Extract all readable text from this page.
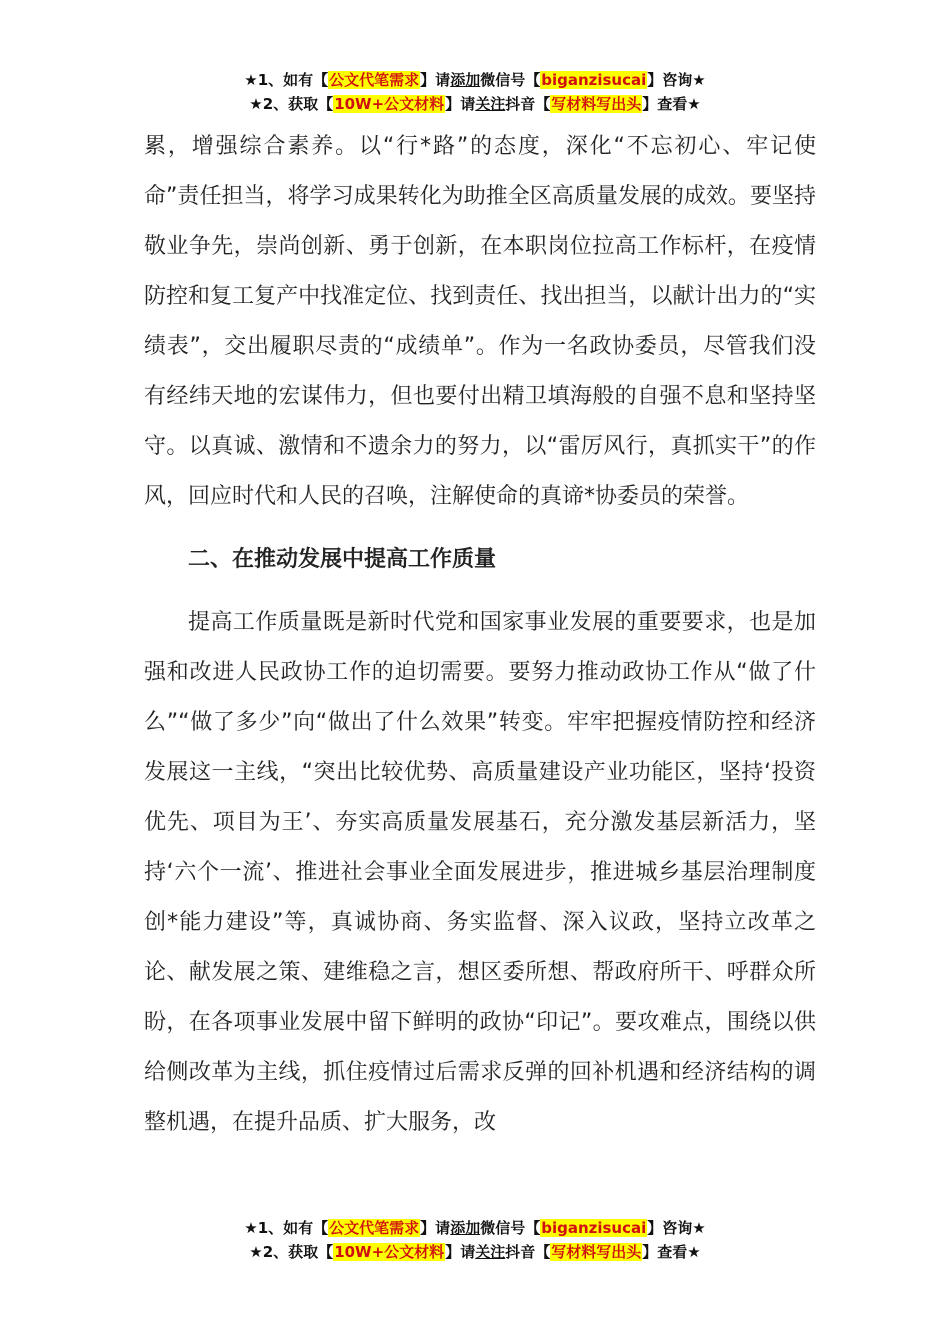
★1、如有【公文代笔需求】请添加微信号【biganzisucai】咨询★
★2、获取【10W+公文材料】请关注抖音【写材料写出头】查看★

累，增强综合素养。以“行*路”的态度，深化“不忘初心、牢记使命”责任担当，将学习成果转化为助推全区高质量发展的成效。要坚持敬业争先，崇尚创新、勇于创新，在本职岗位拉高工作标杆，在疫情防控和复工复产中找准定位、找到责任、找出担当，以献计出力的“实绩表”，交出履职尽责的“成绩单”。作为一名政协委员，尽管我们没有经纬天地的宏谋伟力，但也要付出精卫填海般的自强不息和坚持坚守。以真诚、激情和不遗余力的努力，以“雷厉风行，真抓实干”的作风，回应时代和人民的召唤，注解使命的真谛*协委员的荣誉。

二、在推动发展中提高工作质量

提高工作质量既是新时代党和国家事业发展的重要要求，也是加强和改进人民政协工作的迫切需要。要努力推动政协工作从“做了什么”“做了多少”向“做出了什么效果”转变。牢牢把握疫情防控和经济发展这一主线，“突出比较优势、高质量建设产业功能区，坚持‘投资优先、项目为王’、夯实高质量发展基石，充分激发基层新活力，坚持‘六个一流’、推进社会事业全面发展进步，推进城乡基层治理制度创*能力建设”等，真诚协商、务实监督、深入议政，坚持立改革之论、献发展之策、建维稳之言，想区委所想、帮政府所干、呼群众所盼，在各项事业发展中留下鲜明的政协“印记”。要攻难点，围绕以供给侧改革为主线，抓住疫情过后需求反弹的回补机遇和经济结构的调整机遇，在提升品质、扩大服务，改

★1、如有【公文代笔需求】请添加微信号【biganzisucai】咨询★
★2、获取【10W+公文材料】请关注抖音【写材料写出头】查看★
